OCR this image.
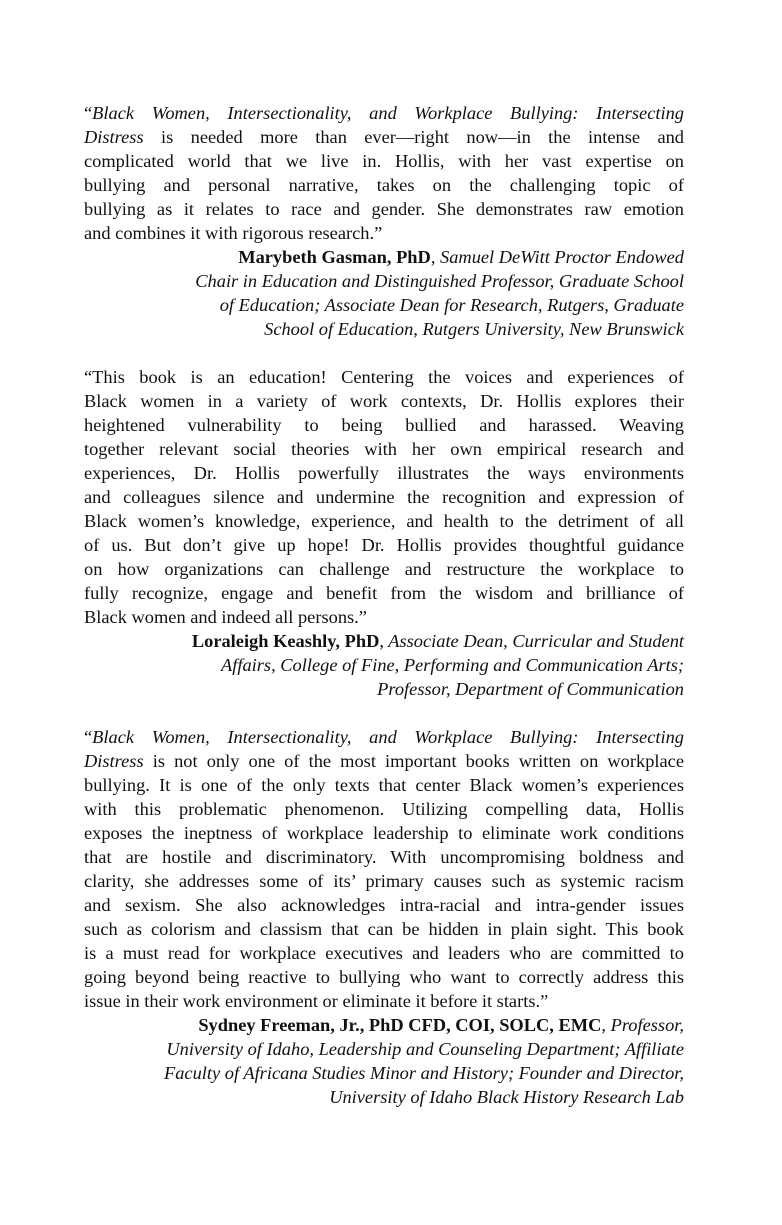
“Black Women, Intersectionality, and Workplace Bullying: Intersecting
Distress is needed more than ever—right now—in the intense and
complicated world that we live in. Hollis, with her vast expertise on
bullying and personal narrative, takes on the challenging topic of
bullying as it relates to race and gender. She demonstrates raw emotion
and combines it with rigorous research.”

Marybeth Gasman, PhD, Samuel DeWitt Proctor Endowed
Chair in Education and Distinguished Professor, Graduate School
of Education; Associate Dean for Research, Rutgers, Graduate
School of Education, Rutgers University, New Brunswick

“This book is an education! Centering the voices and experiences of
Black women in a variety of work contexts, Dr. Hollis explores their
heightened vulnerability to being bullied and harassed. Weaving
together relevant social theories with her own empirical research and
experiences, Dr. Hollis powerfully illustrates the ways environments
and colleagues silence and undermine the recognition and expression of
Black women’s knowledge, experience, and health to the detriment of all
of us. But don’t give up hope! Dr. Hollis provides thoughtful guidance
on how organizations can challenge and restructure the workplace to
fully recognize, engage and benefit from the wisdom and brilliance of
Black women and indeed all persons.”

Loraleigh Keashly, PhD, Associate Dean, Curricular and Student
Affairs, College of Fine, Performing and Communication Arts;
Professor, Department of Communication

“Black Women, Intersectionality, and Workplace Bullying: Intersecting
Distress is not only one of the most important books written on workplace
bullying. It is one of the only texts that center Black women’s experiences
with this problematic phenomenon. Utilizing compelling data, Hollis
exposes the ineptness of workplace leadership to eliminate work conditions
that are hostile and discriminatory. With uncompromising boldness and
clarity, she addresses some of its’ primary causes such as systemic racism
and sexism. She also acknowledges intra-racial and intra-gender issues
such as colorism and classism that can be hidden in plain sight. This book
is a must read for workplace executives and leaders who are committed to
going beyond being reactive to bullying who want to correctly address this
issue in their work environment or eliminate it before it starts.”

Sydney Freeman, Jr., PhD CFD, COI, SOLC, EMC, Professor,
University of Idaho, Leadership and Counseling Department; Affiliate
Faculty of Africana Studies Minor and History; Founder and Director,
University of Idaho Black History Research Lab
